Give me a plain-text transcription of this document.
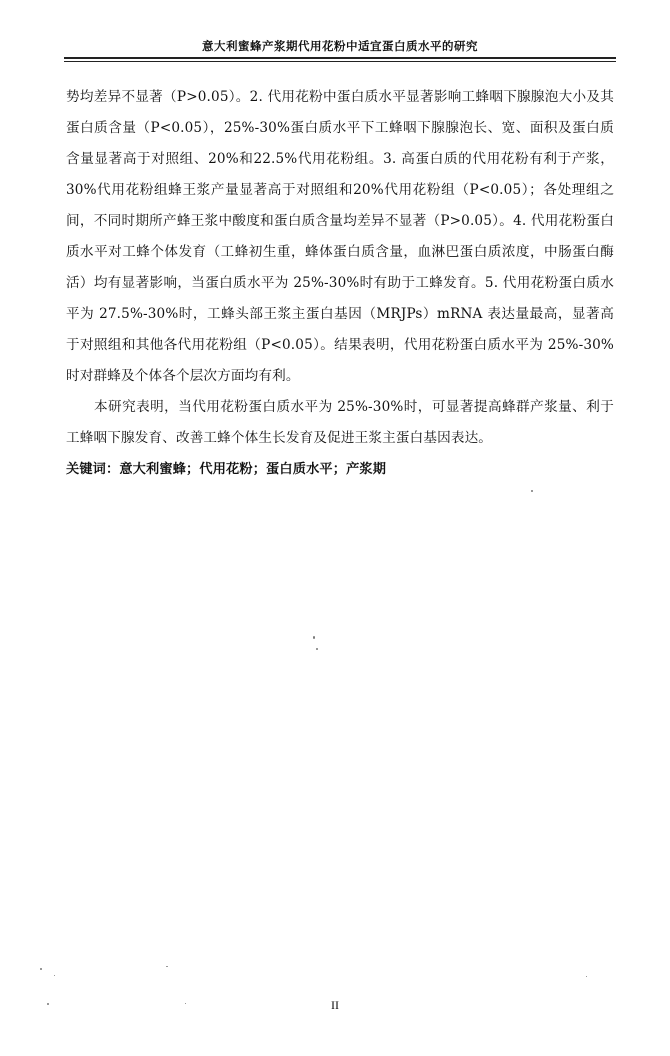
意大利蜜蜂产浆期代用花粉中适宜蛋白质水平的研究

势均差异不显著（P>0.05）。2. 代用花粉中蛋白质水平显著影响工蜂咽下腺腺泡大小及其蛋白质含量（P<0.05），25%-30%蛋白质水平下工蜂咽下腺腺泡长、宽、面积及蛋白质含量显著高于对照组、20%和22.5%代用花粉组。3. 高蛋白质的代用花粉有利于产浆，30%代用花粉组蜂王浆产量显著高于对照组和20%代用花粉组（P<0.05）；各处理组之间，不同时期所产蜂王浆中酸度和蛋白质含量均差异不显著（P>0.05）。4. 代用花粉蛋白质水平对工蜂个体发育（工蜂初生重，蜂体蛋白质含量，血淋巴蛋白质浓度，中肠蛋白酶活）均有显著影响，当蛋白质水平为 25%-30%时有助于工蜂发育。5. 代用花粉蛋白质水平为 27.5%-30%时，工蜂头部王浆主蛋白基因（MRJPs）mRNA 表达量最高，显著高于对照组和其他各代用花粉组（P<0.05）。结果表明，代用花粉蛋白质水平为 25%-30%时对群蜂及个体各个层次方面均有利。

本研究表明，当代用花粉蛋白质水平为 25%-30%时，可显著提高蜂群产浆量、利于工蜂咽下腺发育、改善工蜂个体生长发育及促进王浆主蛋白基因表达。

关键词：意大利蜜蜂；代用花粉；蛋白质水平；产浆期

II
